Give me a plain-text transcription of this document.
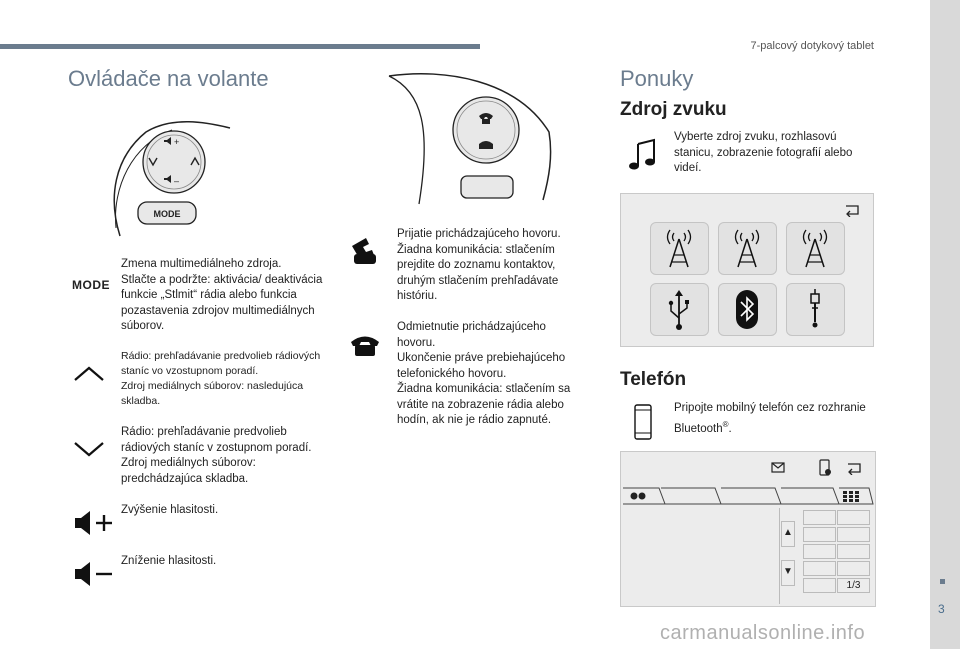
7-palcový dotykový tablet
3
Ovládače na volante
+
–
MODE
MODE
Zmena multimediálneho zdroja.
Stlačte a podržte: aktivácia/ deaktivácia funkcie „Stlmit“ rádia alebo funkcia pozastavenia zdrojov multimediálnych súborov.
Rádio: prehľadávanie predvolieb rádiových staníc vo vzostupnom poradí.
Zdroj mediálnych súborov: nasledujúca skladba.
Rádio: prehľadávanie predvolieb rádiových staníc v zostupnom poradí.
Zdroj mediálnych súborov: predchádzajúca skladba.
Zvýšenie hlasitosti.
Zníženie hlasitosti.
Prijatie prichádzajúceho hovoru.
Žiadna komunikácia: stlačením prejdite do zoznamu kontaktov, druhým stlačením prehľadávate históriu.
Odmietnutie prichádzajúceho hovoru.
Ukončenie práve prebiehajúceho telefonického hovoru.
Žiadna komunikácia: stlačením sa vrátite na zobrazenie rádia alebo hodín, ak nie je rádio zapnuté.
Ponuky
Zdroj zvuku
Vyberte zdroj zvuku, rozhlasovú stanicu, zobrazenie fotografií alebo videí.
Telefón
Pripojte mobilný telefón cez rozhranie Bluetooth®.
▲
▼
1/3
carmanualsonline.info
